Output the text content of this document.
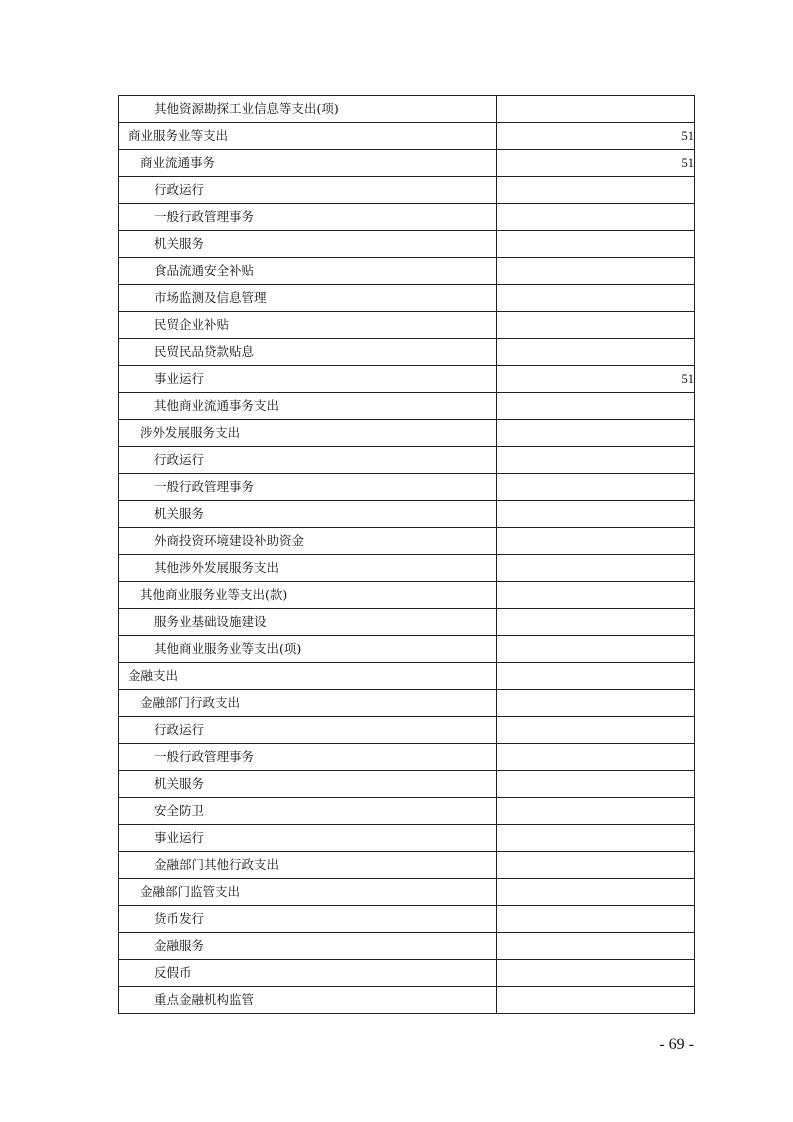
其他资源勘探工业信息等支出(项)	
商业服务业等支出	51
商业流通事务	51
行政运行	
一般行政管理事务	
机关服务	
食品流通安全补贴	
市场监测及信息管理	
民贸企业补贴	
民贸民品贷款贴息	
事业运行	51
其他商业流通事务支出	
涉外发展服务支出	
行政运行	
一般行政管理事务	
机关服务	
外商投资环境建设补助资金	
其他涉外发展服务支出	
其他商业服务业等支出(款)	
服务业基础设施建设	
其他商业服务业等支出(项)	
金融支出	
金融部门行政支出	
行政运行	
一般行政管理事务	
机关服务	
安全防卫	
事业运行	
金融部门其他行政支出	
金融部门监管支出	
货币发行	
金融服务	
反假币	
重点金融机构监管	
- 69 -
